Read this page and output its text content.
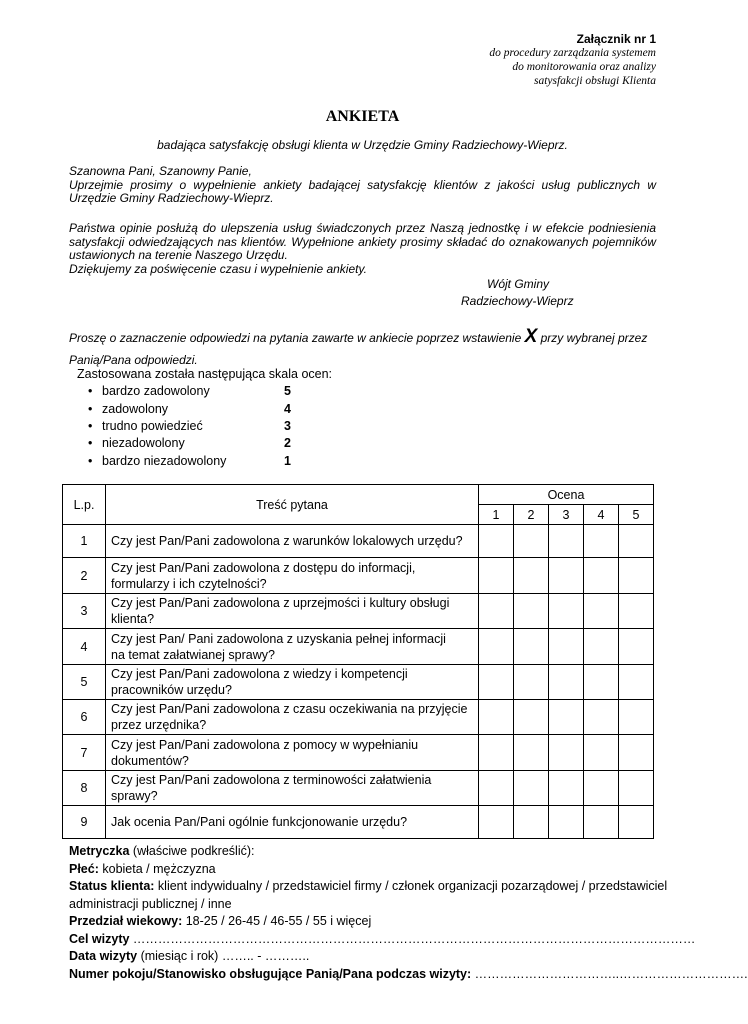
Załącznik nr 1
do procedury zarządzania systemem
do monitorowania oraz analizy
satysfakcji obsługi Klienta
ANKIETA
badająca satysfakcję obsługi klienta w Urzędzie Gminy Radziechowy-Wieprz.
Szanowna Pani, Szanowny Panie,
Uprzejmie prosimy o wypełnienie ankiety badającej satysfakcję klientów z jakości usług publicznych w Urzędzie Gminy Radziechowy-Wieprz.
Państwa opinie posłużą do ulepszenia usług świadczonych przez Naszą jednostkę i w efekcie podniesienia satysfakcji odwiedzających nas klientów. Wypełnione ankiety prosimy składać do oznakowanych pojemników ustawionych na terenie Naszego Urzędu.
Dziękujemy za poświęcenie czasu i wypełnienie ankiety.
Wójt Gminy
Radziechowy-Wieprz
Proszę o zaznaczenie odpowiedzi na pytania zawarte w ankiecie poprzez wstawienie X przy wybranej przez Panią/Pana odpowiedzi.
Zastosowana została następująca skala ocen:
• bardzo zadowolony	5
• zadowolony	4
• trudno powiedzieć	3
• niezadowolony	2
• bardzo niezadowolony	1
L.p.	Treść pytana	Ocena				
		1	2	3	4	5
1	Czy jest Pan/Pani zadowolona z warunków lokalowych urzędu?					

2	Czy jest Pan/Pani zadowolona z dostępu do informacji,
formularzy i ich czytelności?					

3	Czy jest Pan/Pani zadowolona z uprzejmości i kultury obsługi
klienta?					

4	Czy jest Pan/ Pani zadowolona z uzyskania pełnej informacji
na temat załatwianej sprawy?					

5	Czy jest Pan/Pani zadowolona z wiedzy i kompetencji
pracowników urzędu?					

6	Czy jest Pan/Pani zadowolona z czasu oczekiwania na przyjęcie
przez urzędnika?					

7	Czy jest Pan/Pani zadowolona z pomocy w wypełnianiu
dokumentów?					

8	Czy jest Pan/Pani zadowolona z terminowości załatwienia
sprawy?					

9	Jak ocenia Pan/Pani ogólnie funkcjonowanie urzędu?					

Metryczka (właściwe podkreślić):
Płeć: kobieta / mężczyzna
Status klienta: klient indywidualny / przedstawiciel firmy / członek organizacji pozarządowej / przedstawiciel administracji publicznej / inne
Przedział wiekowy: 18-25 / 26-45 / 46-55 / 55 i więcej
Cel wizyty ………………………………………………………………………………………………………………………
Data wizyty (miesiąc i rok) …….. - ………..
Numer pokoju/Stanowisko obsługujące Panią/Pana podczas wizyty: ……………………………..………………………….
